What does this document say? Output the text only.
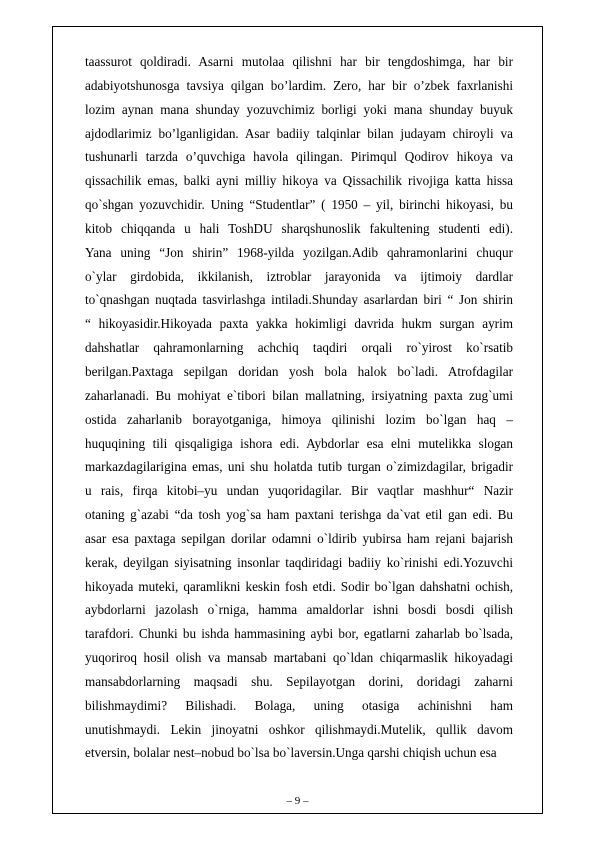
taassurot qoldiradi. Asarni mutolaa qilishni har bir tengdoshimga, har bir
adabiyotshunosga tavsiya qilgan bo’lardim. Zero, har bir o’zbek faxrlanishi
lozim aynan mana shunday yozuvchimiz borligi yoki mana shunday buyuk
ajdodlarimiz bo’lganligidan. Asar badiiy talqinlar bilan judayam chiroyli va
tushunarli tarzda o’quvchiga havola qilingan. Pirimqul Qodirov hikoya va
qissachilik emas, balki ayni milliy hikoya va Qissachilik rivojiga katta hissa
qo`shgan yozuvchidir. Uning “Studentlar” ( 1950 – yil, birinchi hikoyasi, bu
kitob chiqqanda u hali ToshDU sharqshunoslik fakultening studenti edi).
Yana uning “Jon shirin” 1968-yilda yozilgan.Adib qahramonlarini chuqur
o`ylar girdobida, ikkilanish, iztroblar jarayonida va ijtimoiy dardlar
to`qnashgan nuqtada tasvirlashga intiladi.Shunday asarlardan biri “ Jon shirin
“ hikoyasidir.Hikoyada paxta yakka hokimligi davrida hukm surgan ayrim
dahshatlar qahramonlarning achchiq taqdiri orqali ro`yirost ko`rsatib
berilgan.Paxtaga sepilgan doridan yosh bola halok bo`ladi. Atrofdagilar
zaharlanadi. Bu mohiyat e`tibori bilan mallatning, irsiyatning paxta zug`umi
ostida zaharlanib borayotganiga, himoya qilinishi lozim bo`lgan haq –
huquqining tili qisqaligiga ishora edi. Aybdorlar esa elni mutelikka slogan
markazdagilarigina emas, uni shu holatda tutib turgan o`zimizdagilar, brigadir
u rais, firqa kitobi–yu undan yuqoridagilar. Bir vaqtlar mashhur“ Nazir
otaning g`azabi “da tosh yog`sa ham paxtani terishga da`vat etil gan edi. Bu
asar esa paxtaga sepilgan dorilar odamni o`ldirib yubirsa ham rejani bajarish
kerak, deyilgan siyisatning insonlar taqdiridagi badiiy ko`rinishi edi.Yozuvchi
hikoyada muteki, qaramlikni keskin fosh etdi. Sodir bo`lgan dahshatni ochish,
aybdorlarni jazolash o`rniga, hamma amaldorlar ishni bosdi bosdi qilish
tarafdori. Chunki bu ishda hammasining aybi bor, egatlarni zaharlab bo`lsada,
yuqoriroq hosil olish va mansab martabani qo`ldan chiqarmaslik hikoyadagi
mansabdorlarning maqsadi shu. Sepilayotgan dorini, doridagi zaharni
bilishmaydimi? Bilishadi. Bolaga, uning otasiga achinishni ham
unutishmaydi. Lekin jinoyatni oshkor qilishmaydi.Mutelik, qullik davom
etversin, bolalar nest–nobud bo`lsa bo`laversin.Unga qarshi chiqish uchun esa
– 9 –
